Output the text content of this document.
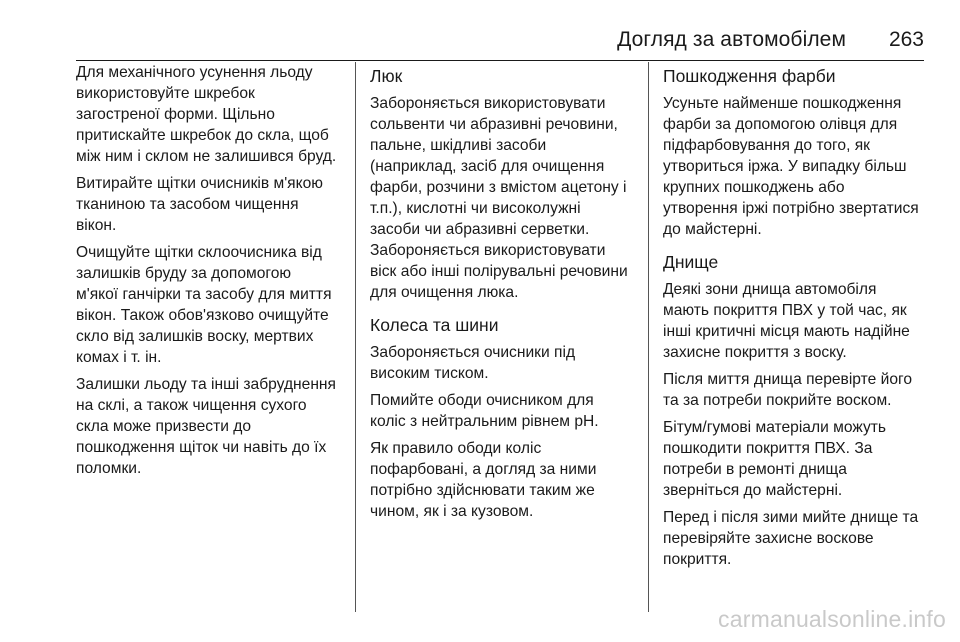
Догляд за автомобілем 263

Для механічного усунення льоду
використовуйте шкребок
загостреної форми. Щільно
притискайте шкребок до скла, щоб
між ним і склом не залишився бруд.

Витирайте щітки очисників м'якою
тканиною та засобом чищення
вікон.

Очищуйте щітки склоочисника від
залишків бруду за допомогою
м'якої ганчірки та засобу для миття
вікон. Також обов'язково очищуйте
скло від залишків воску, мертвих
комах і т. ін.

Залишки льоду та інші забруднення
на склі, а також чищення сухого
скла може призвести до
пошкодження щіток чи навіть до їх
поломки.

Люк

Забороняється використовувати
сольвенти чи абразивні речовини,
пальне, шкідливі засоби
(наприклад, засіб для очищення
фарби, розчини з вмістом ацетону і
т.п.), кислотні чи високолужні
засоби чи абразивні серветки.
Забороняється використовувати
віск або інші полірувальні речовини
для очищення люка.

Колеса та шини

Забороняється очисники під
високим тиском.

Помийте ободи очисником для
коліс з нейтральним рівнем pH.

Як правило ободи коліс
пофарбовані, а догляд за ними
потрібно здійснювати таким же
чином, як і за кузовом.

Пошкодження фарби

Усуньте найменше пошкодження
фарби за допомогою олівця для
підфарбовування до того, як
утвориться іржа. У випадку більш
крупних пошкоджень або
утворення іржі потрібно звертатися
до майстерні.

Днище

Деякі зони днища автомобіля
мають покриття ПВХ у той час, як
інші критичні місця мають надійне
захисне покриття з воску.

Після миття днища перевірте його
та за потреби покрийте воском.

Бітум/гумові матеріали можуть
пошкодити покриття ПВХ. За
потреби в ремонті днища
зверніться до майстерні.

Перед і після зими мийте днище та
перевіряйте захисне воскове
покриття.

carmanualsonline.info
